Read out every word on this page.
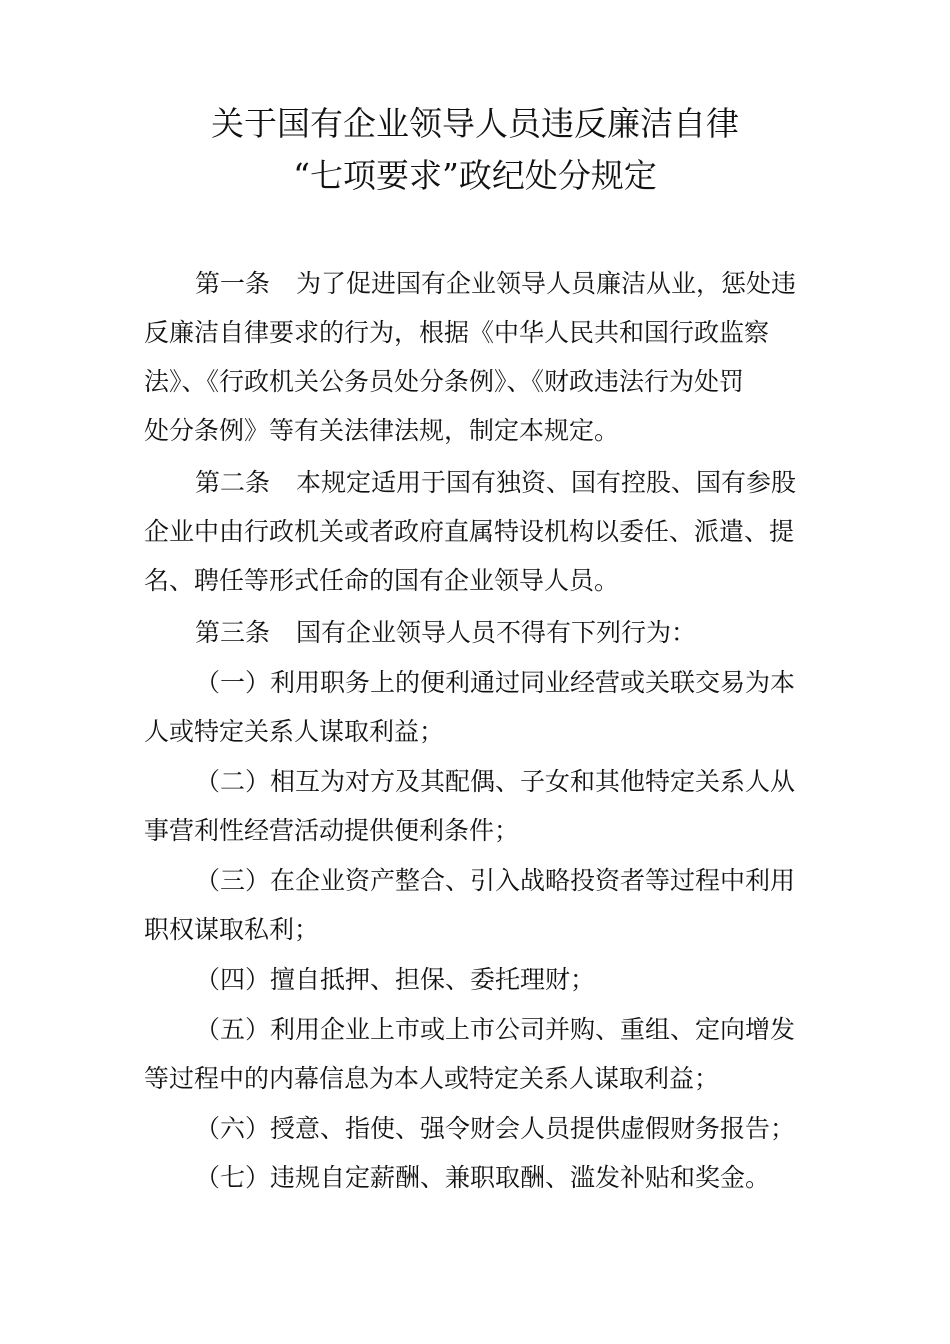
关于国有企业领导人员违反廉洁自律
“七项要求”政纪处分规定
第一条 为了促进国有企业领导人员廉洁从业，惩处违
反廉洁自律要求的行为，根据《中华人民共和国行政监察
法》、《行政机关公务员处分条例》、《财政违法行为处罚
处分条例》等有关法律法规，制定本规定。
第二条 本规定适用于国有独资、国有控股、国有参股
企业中由行政机关或者政府直属特设机构以委任、派遣、提
名、聘任等形式任命的国有企业领导人员。
第三条 国有企业领导人员不得有下列行为：
（一）利用职务上的便利通过同业经营或关联交易为本
人或特定关系人谋取利益；
（二）相互为对方及其配偶、子女和其他特定关系人从
事营利性经营活动提供便利条件；
（三）在企业资产整合、引入战略投资者等过程中利用
职权谋取私利；
（四）擅自抵押、担保、委托理财；
（五）利用企业上市或上市公司并购、重组、定向增发
等过程中的内幕信息为本人或特定关系人谋取利益；
（六）授意、指使、强令财会人员提供虚假财务报告；
（七）违规自定薪酬、兼职取酬、滥发补贴和奖金。
